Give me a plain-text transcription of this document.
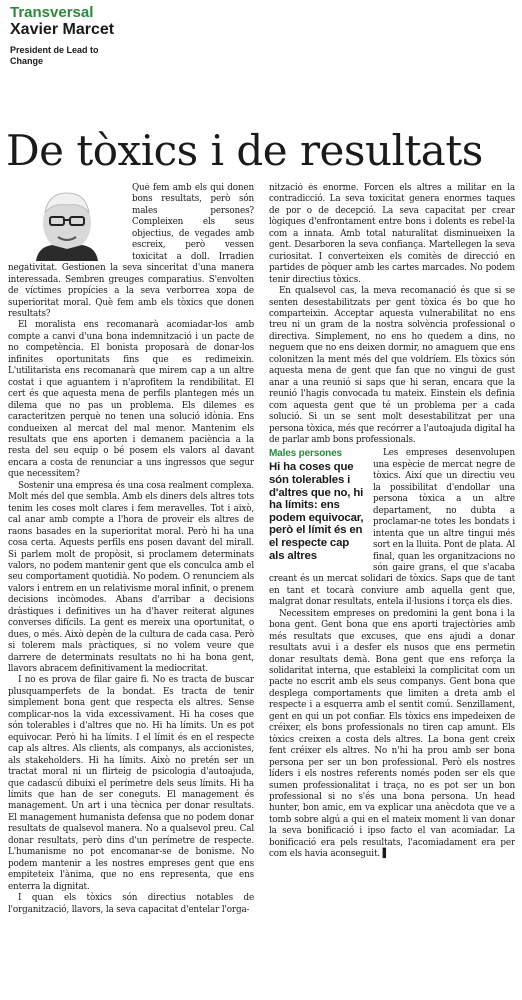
Transversal
Xavier Marcet
President de Lead to Change
De tòxics i de resultats

Què fem amb els qui donen bons resultats, però són males persones? Compleixen els seus objectius, de vegades amb escreix, però vessen toxicitat a doll. Irradien negativitat. Gestionen la seva sinceritat d'una manera interessada. Sembren greuges comparatius. S'envolten de víctimes propícies a la seva verborrea xopa de superioritat moral. Què fem amb els tòxics que donen resultats?

El moralista ens recomanarà acomiadar-los amb compte a canvi d'una bona indemnització i un pacte de no competència. El bonista proposarà de donar-los infinites oportunitats fins que es redimeixin. L'utilitarista ens recomanarà que mirem cap a un altre costat i que aguantem i n'aprofitem la rendibilitat. El cert és que aquesta mena de perfils plantegen més un dilema que no pas un problema. Els dilemes es caracteritzen perquè no tenen una solució idònia. Ens condueixen al mercat del mal menor. Mantenim els resultats que ens aporten i demanem paciència a la resta del seu equip o bé posem els valors al davant encara a costa de renunciar a uns ingressos que segur que necessitem?

Sostenir una empresa és una cosa realment complexa. Molt més del que sembla. Amb els diners dels altres tots tenim les coses molt clares i fem meravelles. Tot i això, cal anar amb compte a l'hora de proveir els altres de raons basades en la superioritat moral. Però hi ha una cosa certa. Aquests perfils ens posen davant del mirall. Si parlem molt de propòsit, si proclamem determinats valors, no podem mantenir gent que els conculca amb el seu comportament quotidià. No podem. O renunciem als valors i entrem en un relativisme moral infinit, o prenem decisions incòmodes. Abans d'arribar a decisions dràstiques i definitives un ha d'haver reiterat algunes converses difícils. La gent es mereix una oportunitat, o dues, o més. Això depèn de la cultura de cada casa. Però si tolerem mals pràctiques, si no volem veure que darrere de determinats resultats no hi ha bona gent, llavors abracem definitivament la mediocritat.

I no es prova de filar gaire fi. No es tracta de buscar plusquamperfets de la bondat. Es tracta de tenir simplement bona gent que respecta els altres. Sense complicar-nos la vida excessivament. Hi ha coses que són tolerables i d'altres que no. Hi ha límits. Un es pot equivocar. Però hi ha límits. I el límit és en el respecte cap als altres. Als clients, als companys, als accionistes, als stakeholders. Hi ha límits. Això no pretén ser un tractat moral ni un flirteig de psicologia d'autoajuda, que cadascú dibuixi el perímetre dels seus límits. Hi ha límits que han de ser coneguts. El management és management. Un art i una tècnica per donar resultats. El management humanista defensa que no podem donar resultats de qualsevol manera. No a qualsevol preu. Cal donar resultats, però dins d'un perímetre de respecte. L'humanisme no pot encomanar-se de bonisme. No podem mantenir a les nostres empreses gent que ens empiteteix l'ànima, que no ens representa, que ens enterra la dignitat.

I quan els tòxics són directius notables de l'organització, llavors, la seva capacitat d'entelar l'orga-

nització és enorme. Forcen els altres a militar en la contradicció. La seva toxicitat genera enormes taques de por o de decepció. La seva capacitat per crear lògiques d'enfrontament entre bons i dolents es rebel·la com a innata. Amb total naturalitat disminueixen la gent. Desarboren la seva confiança. Martellegen la seva curiositat. I converteixen els comitès de direcció en partides de pòquer amb les cartes marcades. No podem tenir directius tòxics.

En qualsevol cas, la meva recomanació és que si se senten desestabilitzats per gent tòxica és bo que ho comparteixin. Acceptar aquesta vulnerabilitat no ens treu ni un gram de la nostra solvència professional o directiva. Simplement, no ens ho quedem a dins, no neguem que no ens deixen dormir, no amaguem que ens colonitzen la ment més del que voldríem. Els tòxics són aquesta mena de gent que fan que no vingui de gust anar a una reunió si saps que hi seran, encara que la reunió l'hagis convocada tu mateix. Einstein els definia com aquesta gent que té un problema per a cada solució. Si un se sent molt desestabilitzat per una persona tòxica, més que recórrer a l'autoajuda digital ha de parlar amb bons professionals.

Males persones
Hi ha coses que són tolerables i d'altres que no, hi ha límits: ens podem equivocar, però el límit és en el respecte cap als altres

Les empreses desenvolupen una espècie de mercat negre de tòxics. Així que un directiu veu la possibilitat d'endollar una persona tòxica a un altre departament, no dubta a proclamar-ne totes les bondats i intenta que un altre tingui més sort en la lluita. Pont de plata. Al final, quan les organitzacions no són gaire grans, el que s'acaba creant és un mercat solidari de tòxics. Saps que de tant en tant et tocarà conviure amb aquella gent que, malgrat donar resultats, entela il·lusions i torça els dies.

Necessitem empreses on predomini la gent bona i la bona gent. Gent bona que ens aporti trajectòries amb més resultats que excuses, que ens ajudi a donar resultats avui i a desfer els nusos que ens permetin donar resultats demà. Bona gent que ens reforça la solidaritat interna, que estableixi la complicitat com un pacte no escrit amb els seus companys. Gent bona que desplega comportaments que limiten a dreta amb el respecte i a esquerra amb el sentit comú. Senzillament, gent en qui un pot confiar. Els tòxics ens impedeixen de créixer, els bons professionals no tiren cap amunt. Els tòxics creixen a costa dels altres. La bona gent creix fent créixer els altres. No n'hi ha prou amb ser bona persona per ser un bon professional. Però els nostres líders i els nostres referents només poden ser els que sumen professionalitat i traça, no es pot ser un bon professional si no s'és una bona persona. Un head hunter, bon amic, em va explicar una anècdota que ve a tomb sobre algú a qui en el mateix moment li van donar la seva bonificació i ipso facto el van acomiadar. La bonificació era pels resultats, l'acomiadament era per com els havia aconseguit. ▌
